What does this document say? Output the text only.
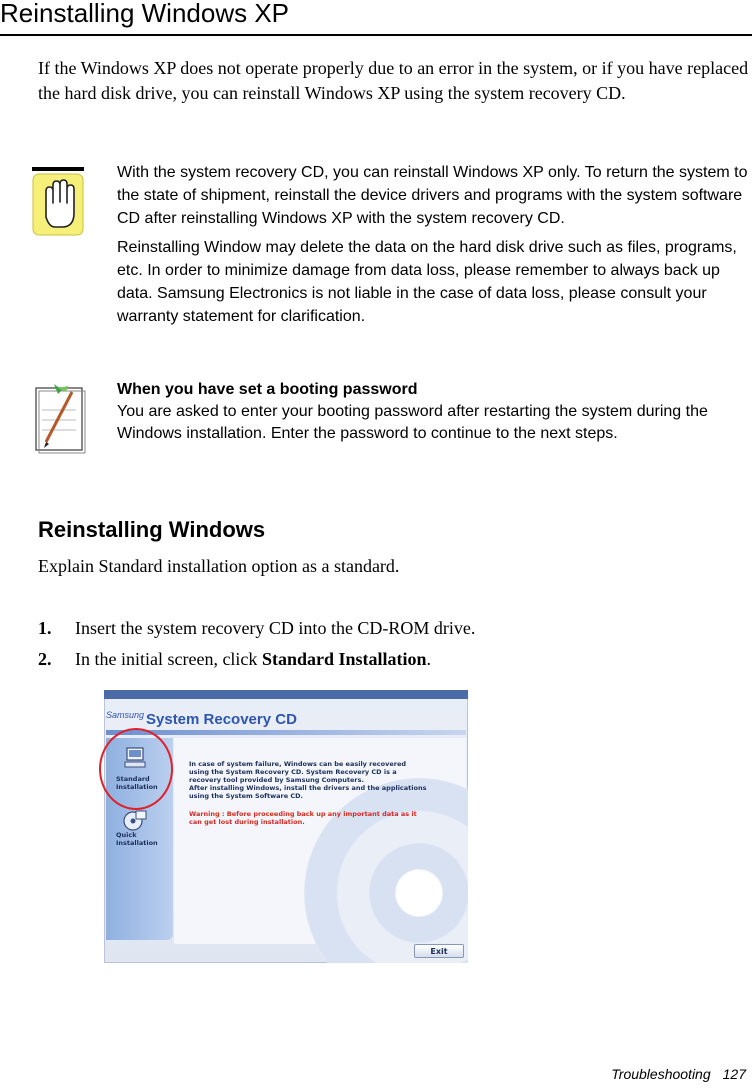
Reinstalling Windows XP

If the Windows XP does not operate properly due to an error in the system, or if you have replaced the hard disk drive, you can reinstall Windows XP using the system recovery CD.

With the system recovery CD, you can reinstall Windows XP only. To return the system to the state of shipment, reinstall the device drivers and programs with the system software CD after reinstalling Windows XP with the system recovery CD.

Reinstalling Window may delete the data on the hard disk drive such as files, programs, etc. In order to minimize damage from data loss, please remember to always back up data. Samsung Electronics is not liable in the case of data loss, please consult your warranty statement for clarification.

When you have set a booting password
You are asked to enter your booting password after restarting the system during the Windows installation. Enter the password to continue to the next steps.
Reinstalling Windows

Explain Standard installation option as a standard.

1. Insert the system recovery CD into the CD-ROM drive.
2. In the initial screen, click Standard Installation.
Samsung System Recovery CD
Standard
Installation
Quick
Installation
In case of system failure, Windows can be easily recovered
using the System Recovery CD. System Recovery CD is a
recovery tool provided by Samsung Computers.
After installing Windows, install the drivers and the applications
using the System Software CD.
Warning : Before proceeding back up any important data as it
can get lost during installation.
Exit
Troubleshooting 127
